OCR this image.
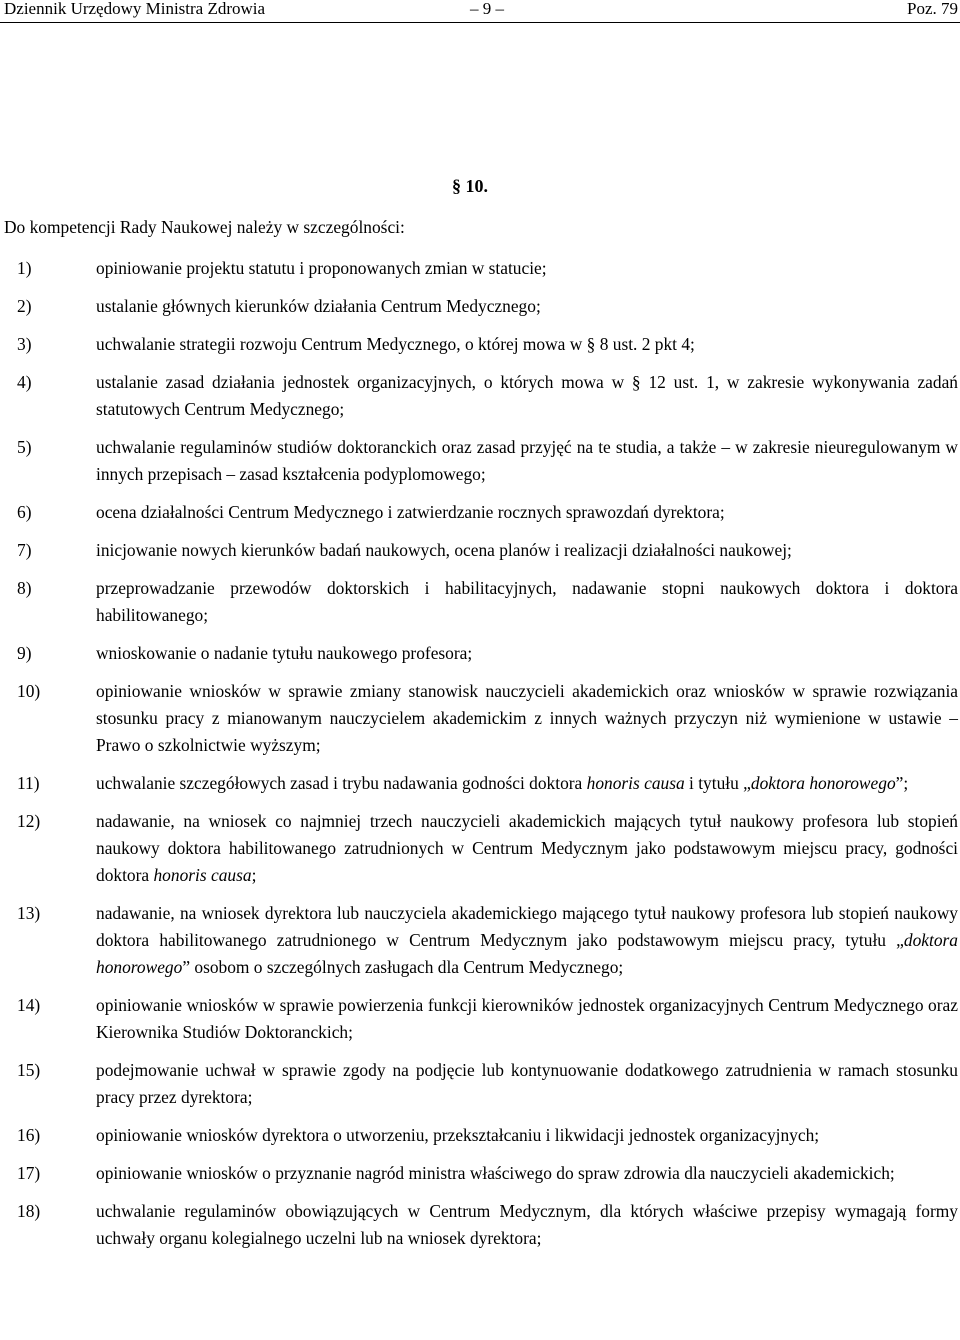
Dziennik Urzędowy Ministra Zdrowia	– 9 –	Poz. 79
§ 10.
Do kompetencji Rady Naukowej należy w szczególności:
1)	opiniowanie projektu statutu i proponowanych zmian w statucie;
2)	ustalanie głównych kierunków działania Centrum Medycznego;
3)	uchwalanie strategii rozwoju Centrum Medycznego, o której mowa w § 8 ust. 2 pkt 4;
4)	ustalanie zasad działania jednostek organizacyjnych, o których mowa w § 12 ust. 1, w zakresie wykonywania zadań statutowych Centrum Medycznego;
5)	uchwalanie regulaminów studiów doktoranckich oraz zasad przyjęć na te studia, a także – w zakresie nieuregulowanym w innych przepisach – zasad kształcenia podyplomowego;
6)	ocena działalności Centrum Medycznego i zatwierdzanie rocznych sprawozdań dyrektora;
7)	inicjowanie nowych kierunków badań naukowych, ocena planów i realizacji działalności naukowej;
8)	przeprowadzanie przewodów doktorskich i habilitacyjnych, nadawanie stopni naukowych doktora i doktora habilitowanego;
9)	wnioskowanie o nadanie tytułu naukowego profesora;
10)	opiniowanie wniosków w sprawie zmiany stanowisk nauczycieli akademickich oraz wniosków w sprawie rozwiązania stosunku pracy z mianowanym nauczycielem akademickim z innych ważnych przyczyn niż wymienione w ustawie – Prawo o szkolnictwie wyższym;
11)	uchwalanie szczegółowych zasad i trybu nadawania godności doktora honoris causa i tytułu „doktora honorowego”;
12)	nadawanie, na wniosek co najmniej trzech nauczycieli akademickich mających tytuł naukowy profesora lub stopień naukowy doktora habilitowanego zatrudnionych w Centrum Medycznym jako podstawowym miejscu pracy, godności doktora honoris causa;
13)	nadawanie, na wniosek dyrektora lub nauczyciela akademickiego mającego tytuł naukowy profesora lub stopień naukowy doktora habilitowanego zatrudnionego w Centrum Medycznym jako podstawowym miejscu pracy, tytułu „doktora honorowego” osobom o szczególnych zasługach dla Centrum Medycznego;
14)	opiniowanie wniosków w sprawie powierzenia funkcji kierowników jednostek organizacyjnych Centrum Medycznego oraz Kierownika Studiów Doktoranckich;
15)	podejmowanie uchwał w sprawie zgody na podjęcie lub kontynuowanie dodatkowego zatrudnienia w ramach stosunku pracy przez dyrektora;
16)	opiniowanie wniosków dyrektora o utworzeniu, przekształcaniu i likwidacji jednostek organizacyjnych;
17)	opiniowanie wniosków o przyznanie nagród ministra właściwego do spraw zdrowia dla nauczycieli akademickich;
18)	uchwalanie regulaminów obowiązujących w Centrum Medycznym, dla których właściwe przepisy wymagają formy uchwały organu kolegialnego uczelni lub na wniosek dyrektora;
